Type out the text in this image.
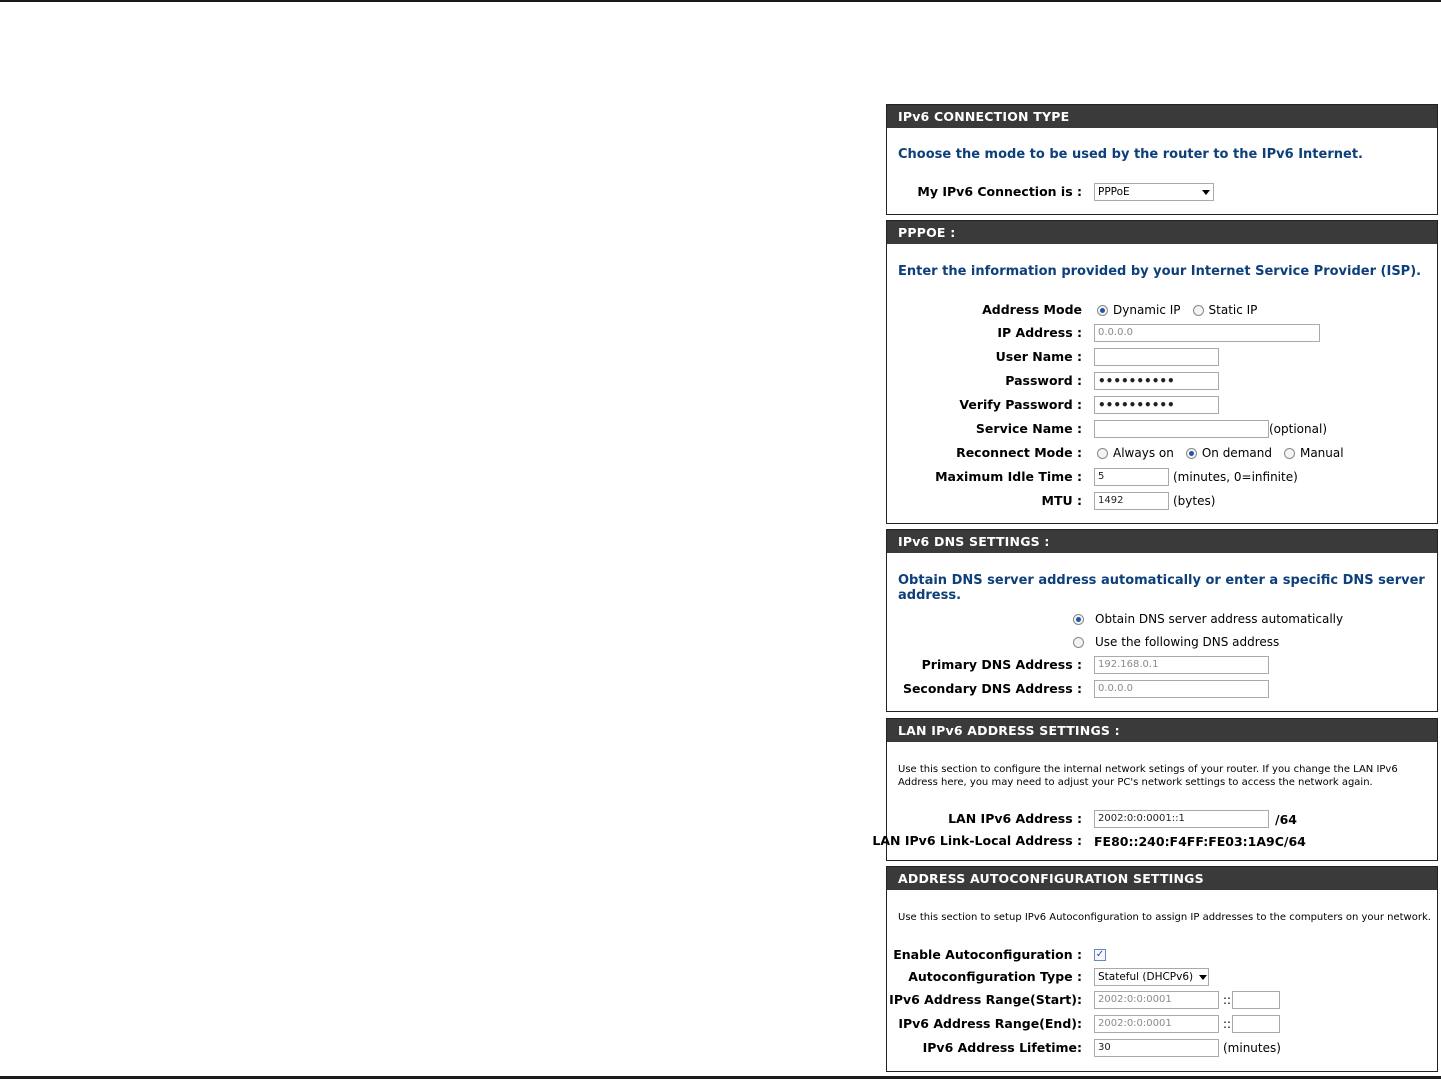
IPv6 CONNECTION TYPE
Choose the mode to be used by the router to the IPv6 Internet.
My IPv6 Connection is : PPPoE
PPPOE :
Enter the information provided by your Internet Service Provider (ISP).
Address Mode	Dynamic IP Static IP
IP Address :	0.0.0.0
User Name :
Password :	••••••••••
Verify Password :	••••••••••
Service Name :	(optional)
Reconnect Mode :	Always on On demand Manual
Maximum Idle Time :	5	(minutes, 0=infinite)
MTU :	1492	(bytes)
IPv6 DNS SETTINGS :
Obtain DNS server address automatically or enter a specific DNS server address.
Obtain DNS server address automatically
Use the following DNS address
Primary DNS Address :	192.168.0.1
Secondary DNS Address :	0.0.0.0
LAN IPv6 ADDRESS SETTINGS :
Use this section to configure the internal network setings of your router. If you change the LAN IPv6 Address here, you may need to adjust your PC's network settings to access the network again.
LAN IPv6 Address :	2002:0:0:0001::1	/64
LAN IPv6 Link-Local Address : FE80::240:F4FF:FE03:1A9C/64
ADDRESS AUTOCONFIGURATION SETTINGS
Use this section to setup IPv6 Autoconfiguration to assign IP addresses to the computers on your network.
Enable Autoconfiguration : ✓
Autoconfiguration Type : Stateful (DHCPv6)
IPv6 Address Range(Start):	2002:0:0:0001	::
IPv6 Address Range(End):	2002:0:0:0001	::
IPv6 Address Lifetime:	30	(minutes)
